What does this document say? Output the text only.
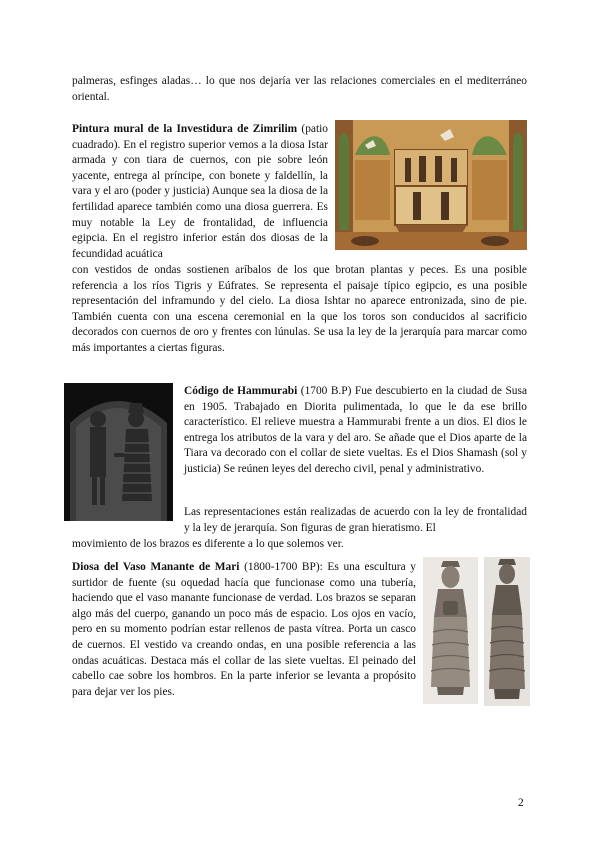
palmeras, esfinges aladas… lo que nos dejaría ver las relaciones comerciales en el mediterráneo oriental.

Pintura mural de la Investidura de Zimrilim (patio cuadrado). En el registro superior vemos a la diosa Istar armada y con tiara de cuernos, con pie sobre león yacente, entrega al príncipe, con bonete y faldellín, la vara y el aro (poder y justicia) Aunque sea la diosa de la fertilidad aparece también como una diosa guerrera. Es muy notable la Ley de frontalidad, de influencia egipcia. En el registro inferior están dos diosas de la fecundidad acuática

con vestidos de ondas sostienen aríbalos de los que brotan plantas y peces. Es una posible referencia a los ríos Tigris y Eúfrates. Se representa el paisaje típico egipcio, es una posible representación del inframundo y del cielo. La diosa Ishtar no aparece entronizada, sino de pie. También cuenta con una escena ceremonial en la que los toros son conducidos al sacrificio decorados con cuernos de oro y frentes con lúnulas. Se usa la ley de la jerarquía para marcar como más importantes a ciertas figuras.

Código de Hammurabi (1700 B.P) Fue descubierto en la ciudad de Susa en 1905. Trabajado en Diorita pulimentada, lo que le da ese brillo característico. El relieve muestra a Hammurabi frente a un dios. El dios le entrega los atributos de la vara y del aro. Se añade que el Dios aparte de la Tiara va decorado con el collar de siete vueltas. Es el Dios Shamash (sol y justicia) Se reúnen leyes del derecho civil, penal y administrativo.

Las representaciones están realizadas de acuerdo con la ley de frontalidad y la ley de jerarquía. Son figuras de gran hieratismo. El

movimiento de los brazos es diferente a lo que solemos ver.

Diosa del Vaso Manante de Mari (1800-1700 BP): Es una escultura y surtidor de fuente (su oquedad hacía que funcionase como una tubería, haciendo que el vaso manante funcionase de verdad. Los brazos se separan algo más del cuerpo, ganando un poco más de espacio. Los ojos en vacío, pero en su momento podrían estar rellenos de pasta vítrea. Porta un casco de cuernos. El vestido va creando ondas, en una posible referencia a las ondas acuáticas. Destaca más el collar de las siete vueltas. El peinado del cabello cae sobre los hombros. En la parte inferior se levanta a propósito para dejar ver los pies.

2
